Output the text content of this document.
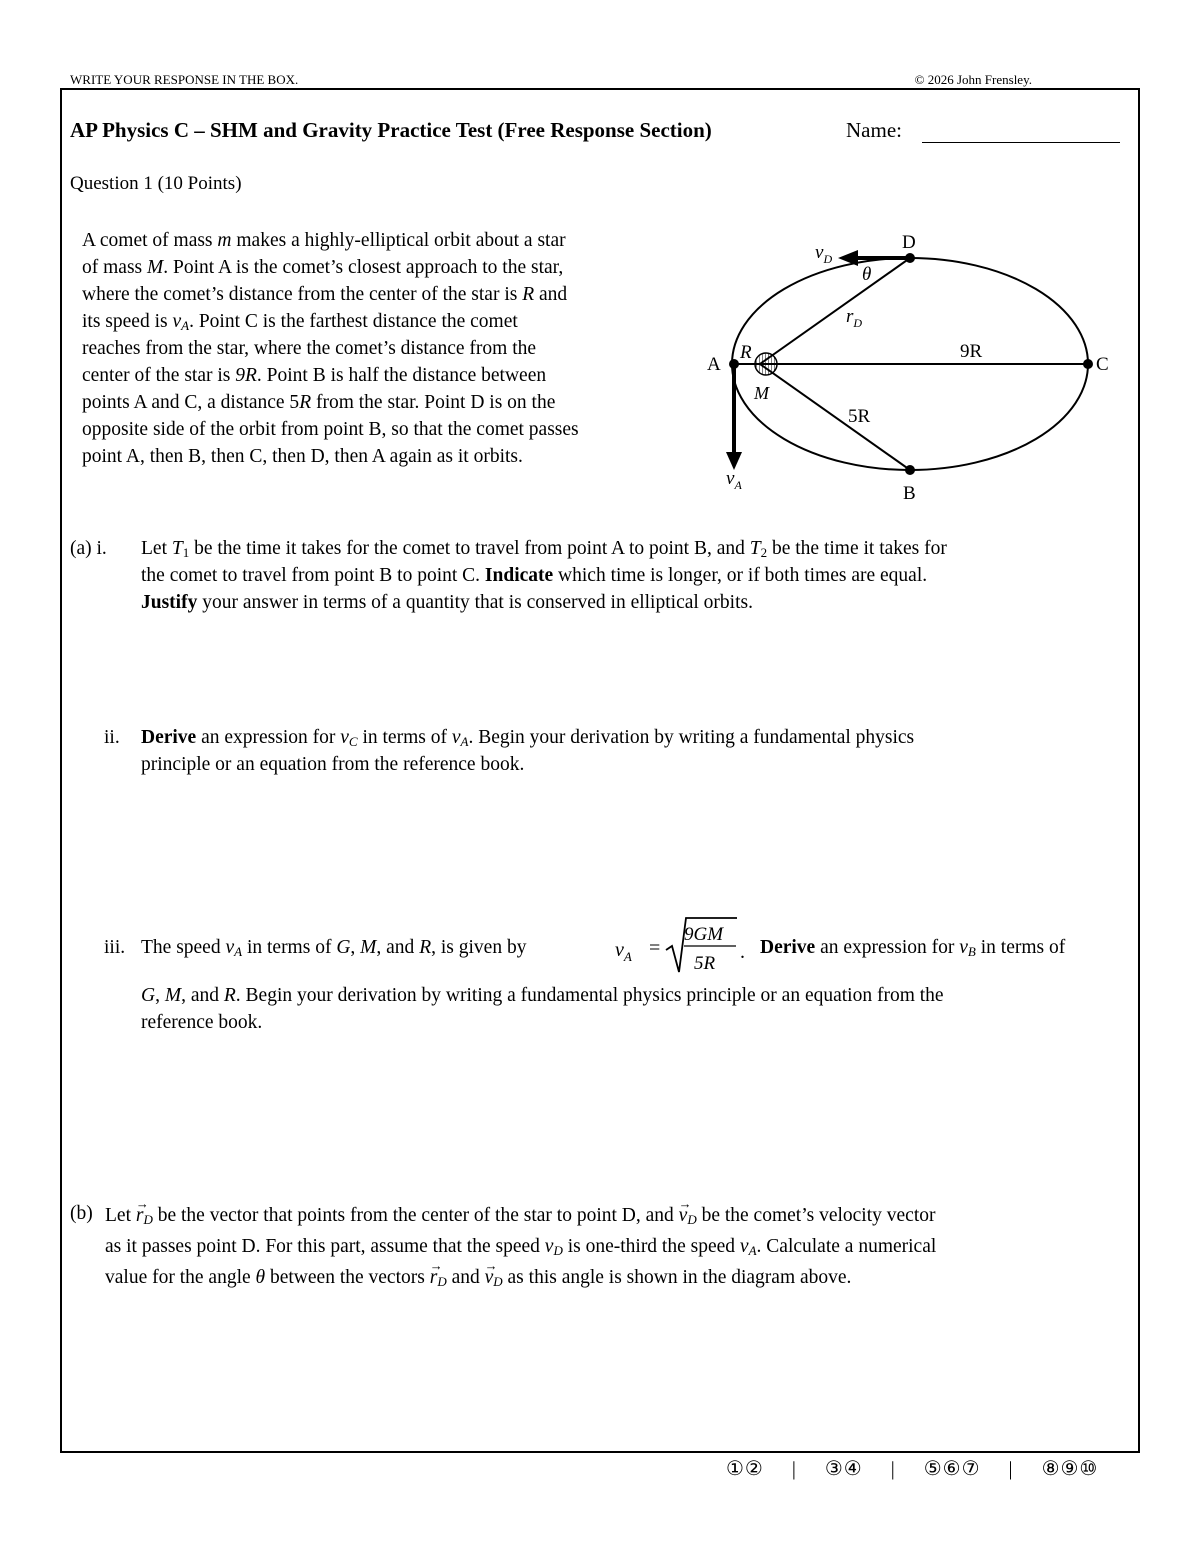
WRITE YOUR RESPONSE IN THE BOX.	© 2026 John Frensley.
AP Physics C – SHM and Gravity Practice Test (Free Response Section)	Name:
Question 1 (10 Points)

A comet of mass m makes a highly-elliptical orbit about a star

of mass M. Point A is the comet’s closest approach to the star,

where the comet’s distance from the center of the star is R and

its speed is $v_A$. Point C is the farthest distance the comet

reaches from the star, where the comet’s distance from the

center of the star is 9R. Point B is half the distance between

points A and C, a distance 5R from the star. Point D is on the

opposite side of the orbit from point B, so that the comet passes

point A, then B, then C, then D, then A again as it orbits.

D
A	C
B
R	9R
5R
M
θ
$r_D$
$v_D$
$v_A$
(a) i. Let $T_1$ be the time it takes for the comet to travel from point A to point B, and $T_2$ be the time it takes for
the comet to travel from point B to point C. Indicate which time is longer, or if both times are equal.
Justify your answer in terms of a quantity that is conserved in elliptical orbits.
ii. Derive an expression for $v_C$ in terms of $v_A$. Begin your derivation by writing a fundamental physics
principle or an equation from the reference book.
iii. The speed $v_A$ in terms of G, M, and R, is given by	$v_A$ =
9GM
5R
. Derive an expression for $v_B$ in terms of
G, M, and R. Begin your derivation by writing a fundamental physics principle or an equation from the
reference book.
(b) Let → $r_D$ be the vector that points from the center of the star to point D, and → $v_D$ be the comet’s velocity vector
as it passes point D. For this part, assume that the speed $v_D$ is one-third the speed $v_A$. Calculate a numerical
value for the angle θ between the vectors → $r_D$ and → $v_D$ as this angle is shown in the diagram above.
①② | ③④ | ⑤⑥⑦ | ⑧⑨⑩
